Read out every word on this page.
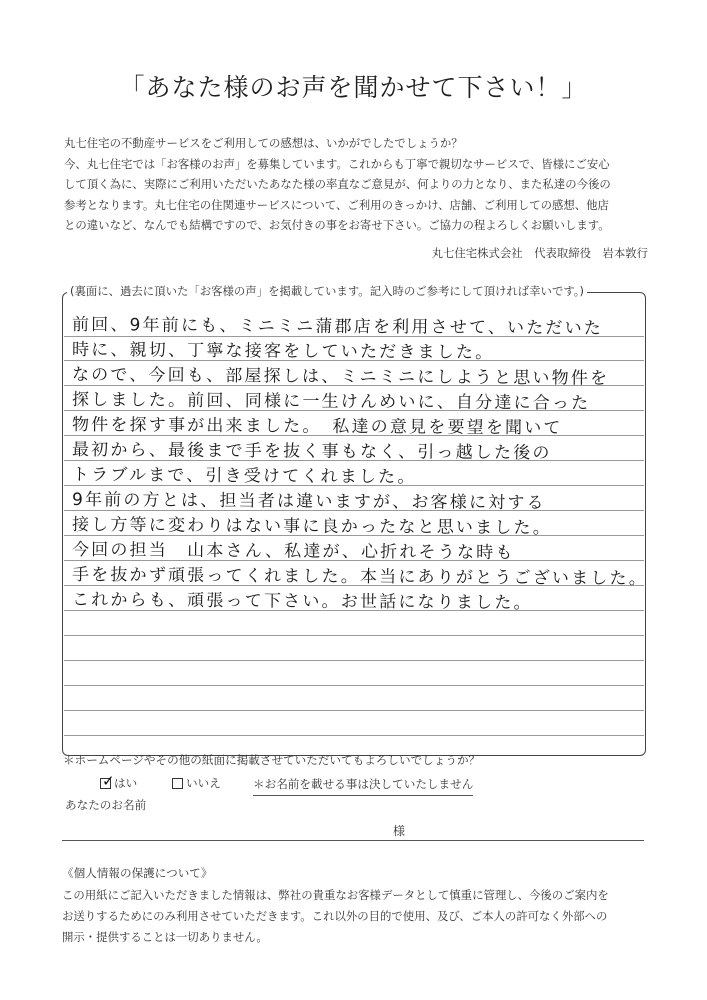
「あなた様のお声を聞かせて下さい！」

丸七住宅の不動産サービスをご利用しての感想は、いかがでしたでしょうか？

今、丸七住宅では「お客様のお声」を募集しています。これからも丁寧で親切なサービスで、皆様にご安心

して頂く為に、実際にご利用いただいたあなた様の率直なご意見が、何よりの力となり、また私達の今後の

参考となります。丸七住宅の住関連サービスについて、ご利用のきっかけ、店舗、ご利用しての感想、他店

との違いなど、なんでも結構ですので、お気付きの事をお寄せ下さい。ご協力の程よろしくお願いします。

丸七住宅株式会社　代表取締役　岩本敦行
(裏面に、過去に頂いた「お客様の声」を掲載しています。記入時のご参考にして頂ければ幸いです。)
前回、9年前にも、ミニミニ蒲郡店を利用させて、いただいた
時に、親切、丁寧な接客をしていただきました。
なので、今回も、部屋探しは、ミニミニにしようと思い物件を
探しました。前回、同様に一生けんめいに、自分達に合った
物件を探す事が出来ました。　私達の意見を要望を聞いて
最初から、最後まで手を抜く事もなく、引っ越した後の
トラブルまで、引き受けてくれました。
9年前の方とは、担当者は違いますが、お客様に対する
接し方等に変わりはない事に良かったなと思いました。
今回の担当　山本さん、私達が、心折れそうな時も
手を抜かず頑張ってくれました。本当にありがとうございました。
これからも、頑張って下さい。お世話になりました。
＊ホームページやその他の紙面に掲載させていただいてもよろしいでしょうか？
✓ はい	いいえ	＊お名前を載せる事は決していたしません
あなたのお名前
様
《個人情報の保護について》

この用紙にご記入いただきました情報は、弊社の貴重なお客様データとして慎重に管理し、今後のご案内を

お送りするためにのみ利用させていただきます。これ以外の目的で使用、及び、ご本人の許可なく外部への

開示・提供することは一切ありません。
